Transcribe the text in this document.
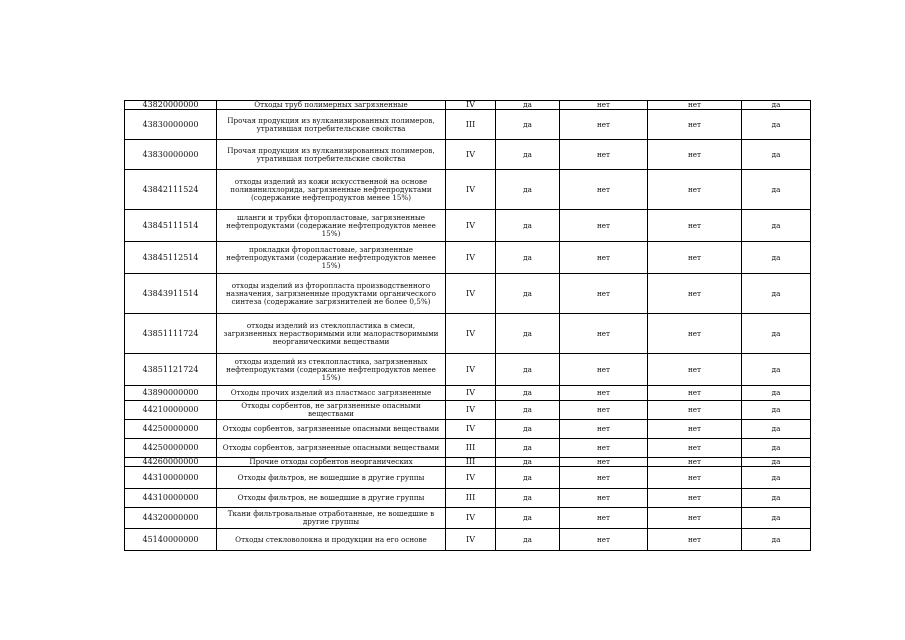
43820000000	Отходы труб полимерных загрязненные	IV	да	нет	нет	да
43830000000	Прочая продукция из вулканизированных полимеров, утратившая потребительские свойства	III	да	нет	нет	да
43830000000	Прочая продукция из вулканизированных полимеров, утратившая потребительские свойства	IV	да	нет	нет	да
43842111524	отходы изделий из кожи искусственной на основе поливинилхлорида, загрязненные нефтепродуктами (содержание нефтепродуктов менее 15%)	IV	да	нет	нет	да
43845111514	шланги и трубки фторопластовые, загрязненные нефтепродуктами (содержание нефтепродуктов менее 15%)	IV	да	нет	нет	да
43845112514	прокладки фторопластовые, загрязненные нефтепродуктами (содержание нефтепродуктов менее 15%)	IV	да	нет	нет	да
43843911514	отходы изделий из фторопласта производственного назначения, загрязненные продуктами органического синтеза (содержание загрязнителей не более 0,5%)	IV	да	нет	нет	да
43851111724	отходы изделий из стеклопластика в смеси, загрязненных нерастворимыми или малорастворимыми неорганическими веществами	IV	да	нет	нет	да
43851121724	отходы изделий из стеклопластика, загрязненных нефтепродуктами (содержание нефтепродуктов менее 15%)	IV	да	нет	нет	да
43890000000	Отходы прочих изделий из пластмасс загрязненные	IV	да	нет	нет	да
44210000000	Отходы сорбентов, не загрязненные опасными веществами	IV	да	нет	нет	да
44250000000	Отходы сорбентов, загрязненные опасными веществами	IV	да	нет	нет	да
44250000000	Отходы сорбентов, загрязненные опасными веществами	III	да	нет	нет	да
44260000000	Прочие отходы сорбентов неорганических	III	да	нет	нет	да
44310000000	Отходы фильтров, не вошедшие в другие группы	IV	да	нет	нет	да
44310000000	Отходы фильтров, не вошедшие в другие группы	III	да	нет	нет	да
44320000000	Ткани фильтровальные отработанные, не вошедшие в другие группы	IV	да	нет	нет	да
45140000000	Отходы стекловолокна и продукции на его основе	IV	да	нет	нет	да
